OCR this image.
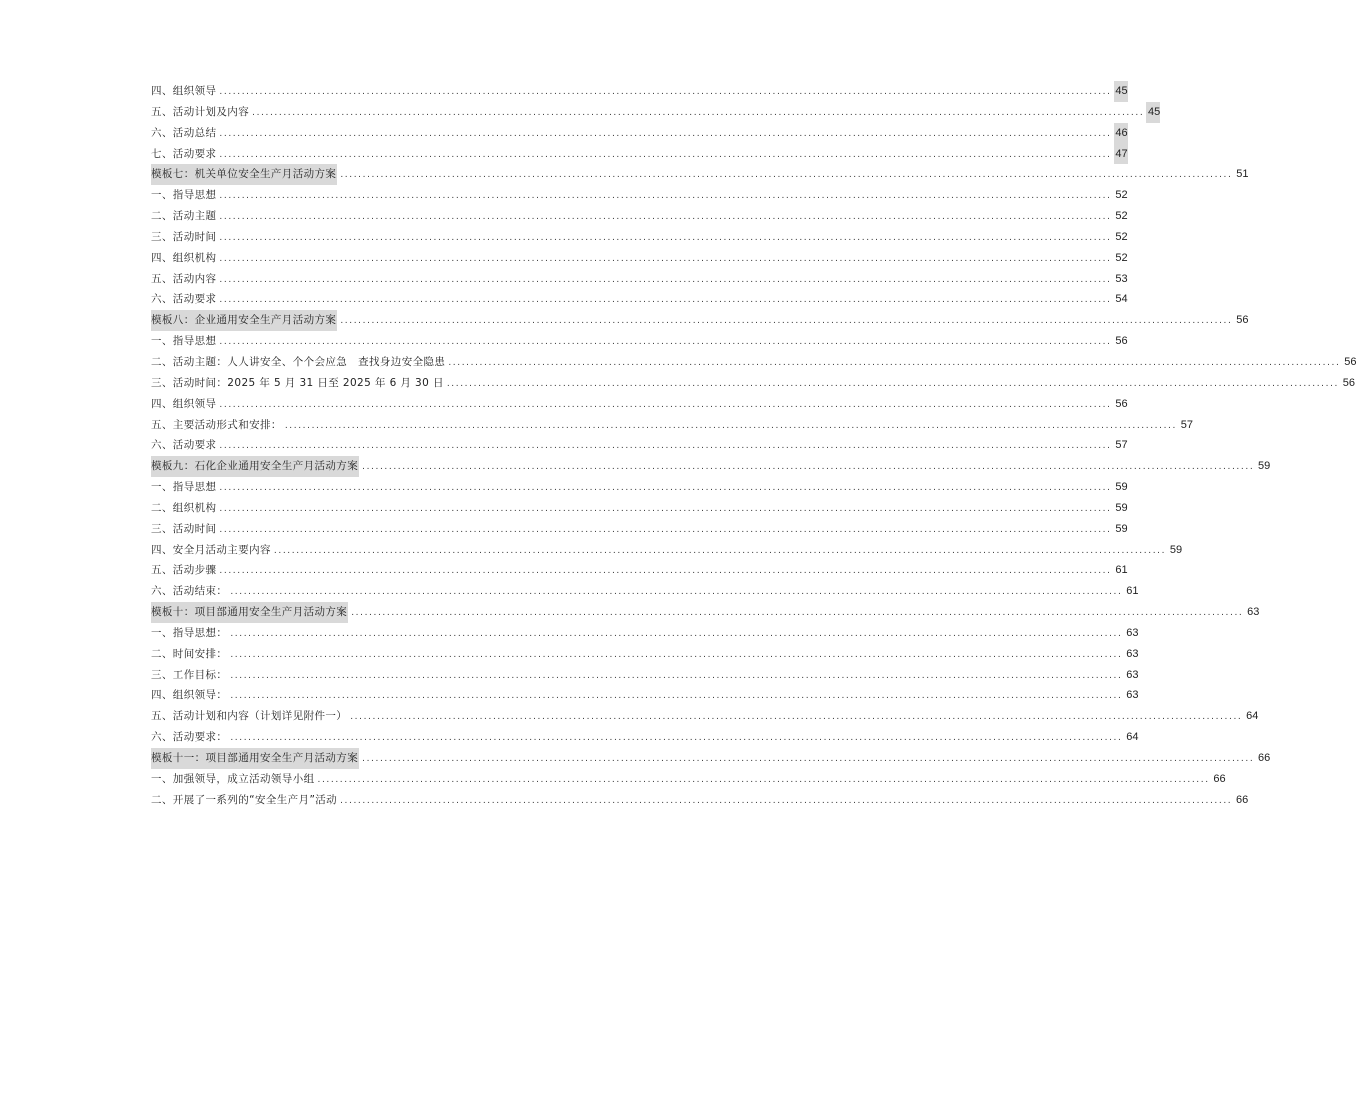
四、组织领导 ........................................................................................................................................................................................................ 45
五、活动计划及内容 ........................................................................................................................................................................................................ 45
六、活动总结 ........................................................................................................................................................................................................ 46
七、活动要求 ........................................................................................................................................................................................................ 47
模板七：机关单位安全生产月活动方案 ........................................................................................................................................................................................................ 51
一、指导思想 ........................................................................................................................................................................................................ 52
二、活动主题 ........................................................................................................................................................................................................ 52
三、活动时间 ........................................................................................................................................................................................................ 52
四、组织机构 ........................................................................................................................................................................................................ 52
五、活动内容 ........................................................................................................................................................................................................ 53
六、活动要求 ........................................................................................................................................................................................................ 54
模板八：企业通用安全生产月活动方案 ........................................................................................................................................................................................................ 56
一、指导思想 ........................................................................................................................................................................................................ 56
二、活动主题：人人讲安全、个个会应急　查找身边安全隐患 ........................................................................................................................................................................................................ 56
三、活动时间：2025 年 5 月 31 日至 2025 年 6 月 30 日 ........................................................................................................................................................................................................ 56
四、组织领导 ........................................................................................................................................................................................................ 56
五、主要活动形式和安排： ........................................................................................................................................................................................................ 57
六、活动要求 ........................................................................................................................................................................................................ 57
模板九：石化企业通用安全生产月活动方案 ........................................................................................................................................................................................................ 59
一、指导思想 ........................................................................................................................................................................................................ 59
二、组织机构 ........................................................................................................................................................................................................ 59
三、活动时间 ........................................................................................................................................................................................................ 59
四、安全月活动主要内容 ........................................................................................................................................................................................................ 59
五、活动步骤 ........................................................................................................................................................................................................ 61
六、活动结束： ........................................................................................................................................................................................................ 61
模板十：项目部通用安全生产月活动方案 ........................................................................................................................................................................................................ 63
一、指导思想： ........................................................................................................................................................................................................ 63
二、时间安排： ........................................................................................................................................................................................................ 63
三、工作目标： ........................................................................................................................................................................................................ 63
四、组织领导： ........................................................................................................................................................................................................ 63
五、活动计划和内容（计划详见附件一） ........................................................................................................................................................................................................ 64
六、活动要求： ........................................................................................................................................................................................................ 64
模板十一：项目部通用安全生产月活动方案 ........................................................................................................................................................................................................ 66
一、加强领导，成立活动领导小组 ........................................................................................................................................................................................................ 66
二、开展了一系列的“安全生产月”活动 ........................................................................................................................................................................................................ 66
